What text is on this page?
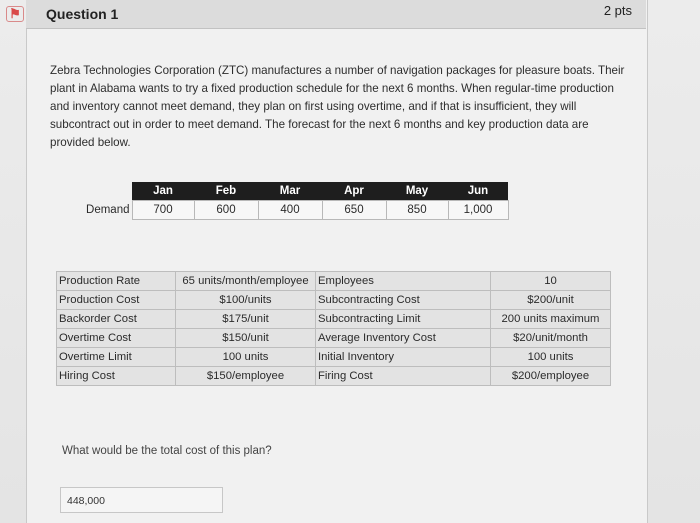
⚑ Question 1	2 pts
Zebra Technologies Corporation (ZTC) manufactures a number of navigation packages for pleasure boats. Their plant in Alabama wants to try a fixed production schedule for the next 6 months. When regular-time production and inventory cannot meet demand, they plan on first using overtime, and if that is insufficient, they will subcontract out in order to meet demand. The forecast for the next 6 months and key production data are provided below.
	Jan	Feb	Mar	Apr	May	Jun
Demand	700	600	400	650	850	1,000
Production Rate	65 units/month/employee	Employees	10
Production Cost	$100/units	Subcontracting Cost	$200/unit
Backorder Cost	$175/unit	Subcontracting Limit	200 units maximum
Overtime Cost	$150/unit	Average Inventory Cost	$20/unit/month
Overtime Limit	100 units	Initial Inventory	100 units
Hiring Cost	$150/employee	Firing Cost	$200/employee
What would be the total cost of this plan?
448,000
